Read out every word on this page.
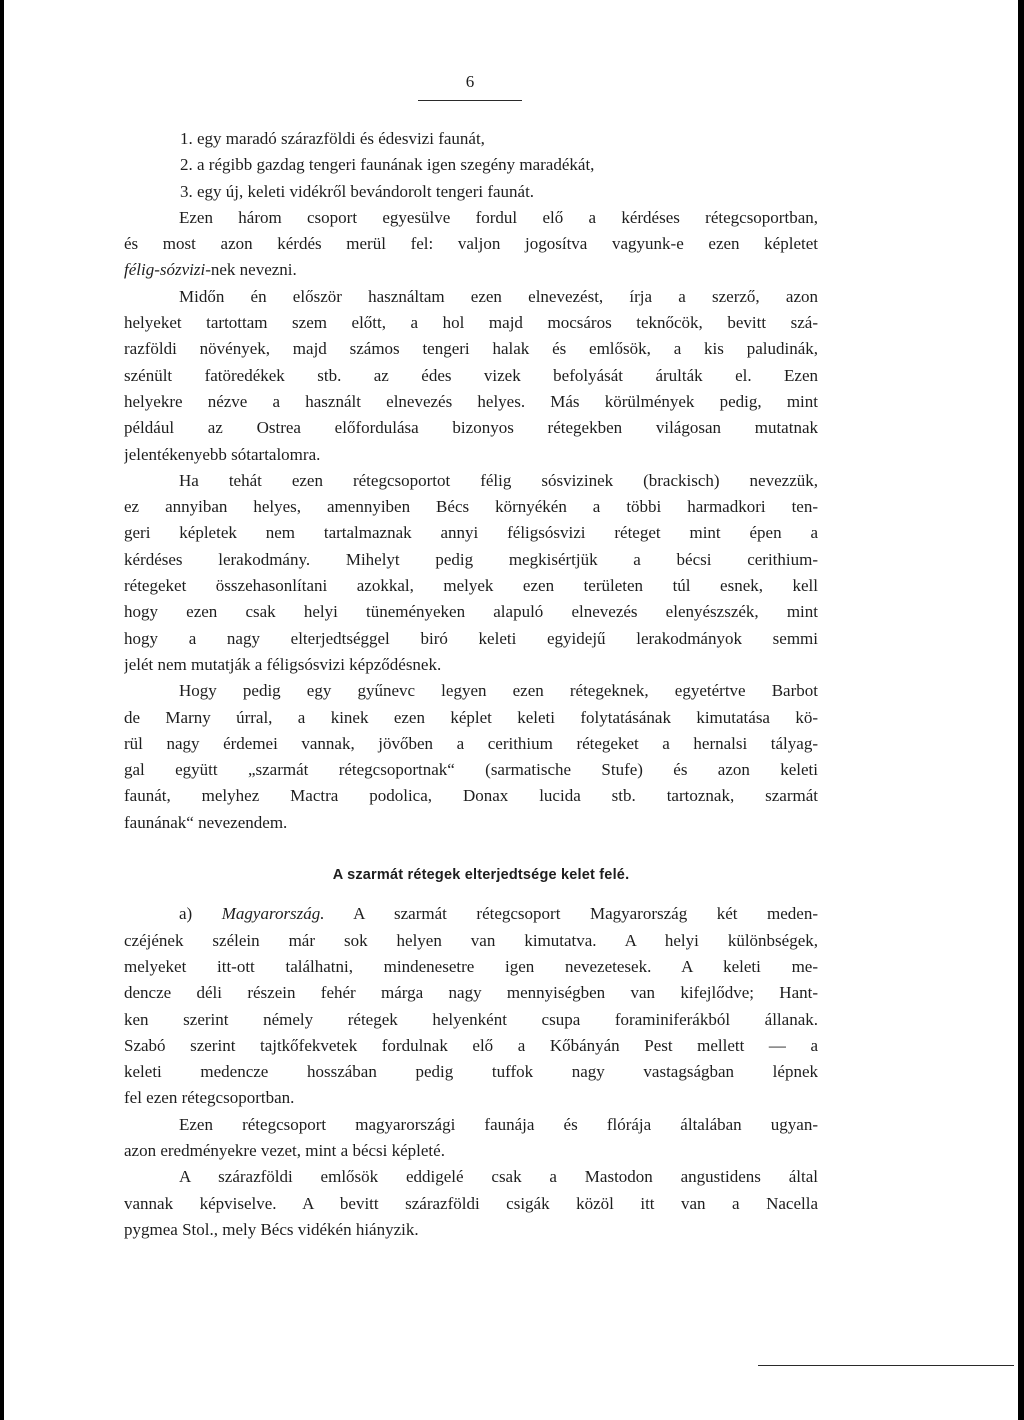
6
1. egy maradó szárazföldi és édesvizi faunát,
2. a régibb gazdag tengeri faunának igen szegény maradékát,
3. egy új, keleti vidékről bevándorolt tengeri faunát.
Ezen három csoport egyesülve fordul elő a kérdéses rétegcsoportban,
és most azon kérdés merül fel: valjon jogosítva vagyunk-e ezen képletet
félig-sózvizi-nek nevezni.
Midőn én először használtam ezen elnevezést, írja a szerző, azon
helyeket tartottam szem előtt, a hol majd mocsáros teknőcök, bevitt szá-
razföldi növények, majd számos tengeri halak és emlősök, a kis paludinák,
szénült fatöredékek stb. az édes vizek befolyását árulták el. Ezen
helyekre nézve a használt elnevezés helyes. Más körülmények pedig, mint
például az Ostrea előfordulása bizonyos rétegekben világosan mutatnak
jelentékenyebb sótartalomra.
Ha tehát ezen rétegcsoportot félig sósvizinek (brackisch) nevezzük,
ez annyiban helyes, amennyiben Bécs környékén a többi harmadkori ten-
geri képletek nem tartalmaznak annyi féligsósvizi réteget mint épen a
kérdéses lerakodmány. Mihelyt pedig megkisértjük a bécsi cerithium-
rétegeket összehasonlítani azokkal, melyek ezen területen túl esnek, kell
hogy ezen csak helyi tüneményeken alapuló elnevezés elenyészszék, mint
hogy a nagy elterjedtséggel biró keleti egyidejű lerakodmányok semmi
jelét nem mutatják a féligsósvizi képződésnek.
Hogy pedig egy gyűnevc legyen ezen rétegeknek, egyetértve Barbot
de Marny úrral, a kinek ezen képlet keleti folytatásának kimutatása kö-
rül nagy érdemei vannak, jövőben a cerithium rétegeket a hernalsi tályag-
gal együtt „szarmát rétegcsoportnak“ (sarmatische Stufe) és azon keleti
faunát, melyhez Mactra podolica, Donax lucida stb. tartoznak, szarmát
faunának“ nevezendem.
A szarmát rétegek elterjedtsége kelet felé.
a) Magyarország. A szarmát rétegcsoport Magyarország két meden-
czéjének szélein már sok helyen van kimutatva. A helyi különbségek,
melyeket itt-ott találhatni, mindenesetre igen nevezetesek. A keleti me-
dencze déli részein fehér márga nagy mennyiségben van kifejlődve; Hant-
ken szerint némely rétegek helyenként csupa foraminiferákból állanak.
Szabó szerint tajtkőfekvetek fordulnak elő a Kőbányán Pest mellett — a
keleti medencze hosszában pedig tuffok nagy vastagságban lépnek
fel ezen rétegcsoportban.
Ezen rétegcsoport magyarországi faunája és flórája általában ugyan-
azon eredményekre vezet, mint a bécsi képleté.
A szárazföldi emlősök eddigelé csak a Mastodon angustidens által
vannak képviselve. A bevitt szárazföldi csigák közöl itt van a Nacella
pygmea Stol., mely Bécs vidékén hiányzik.
